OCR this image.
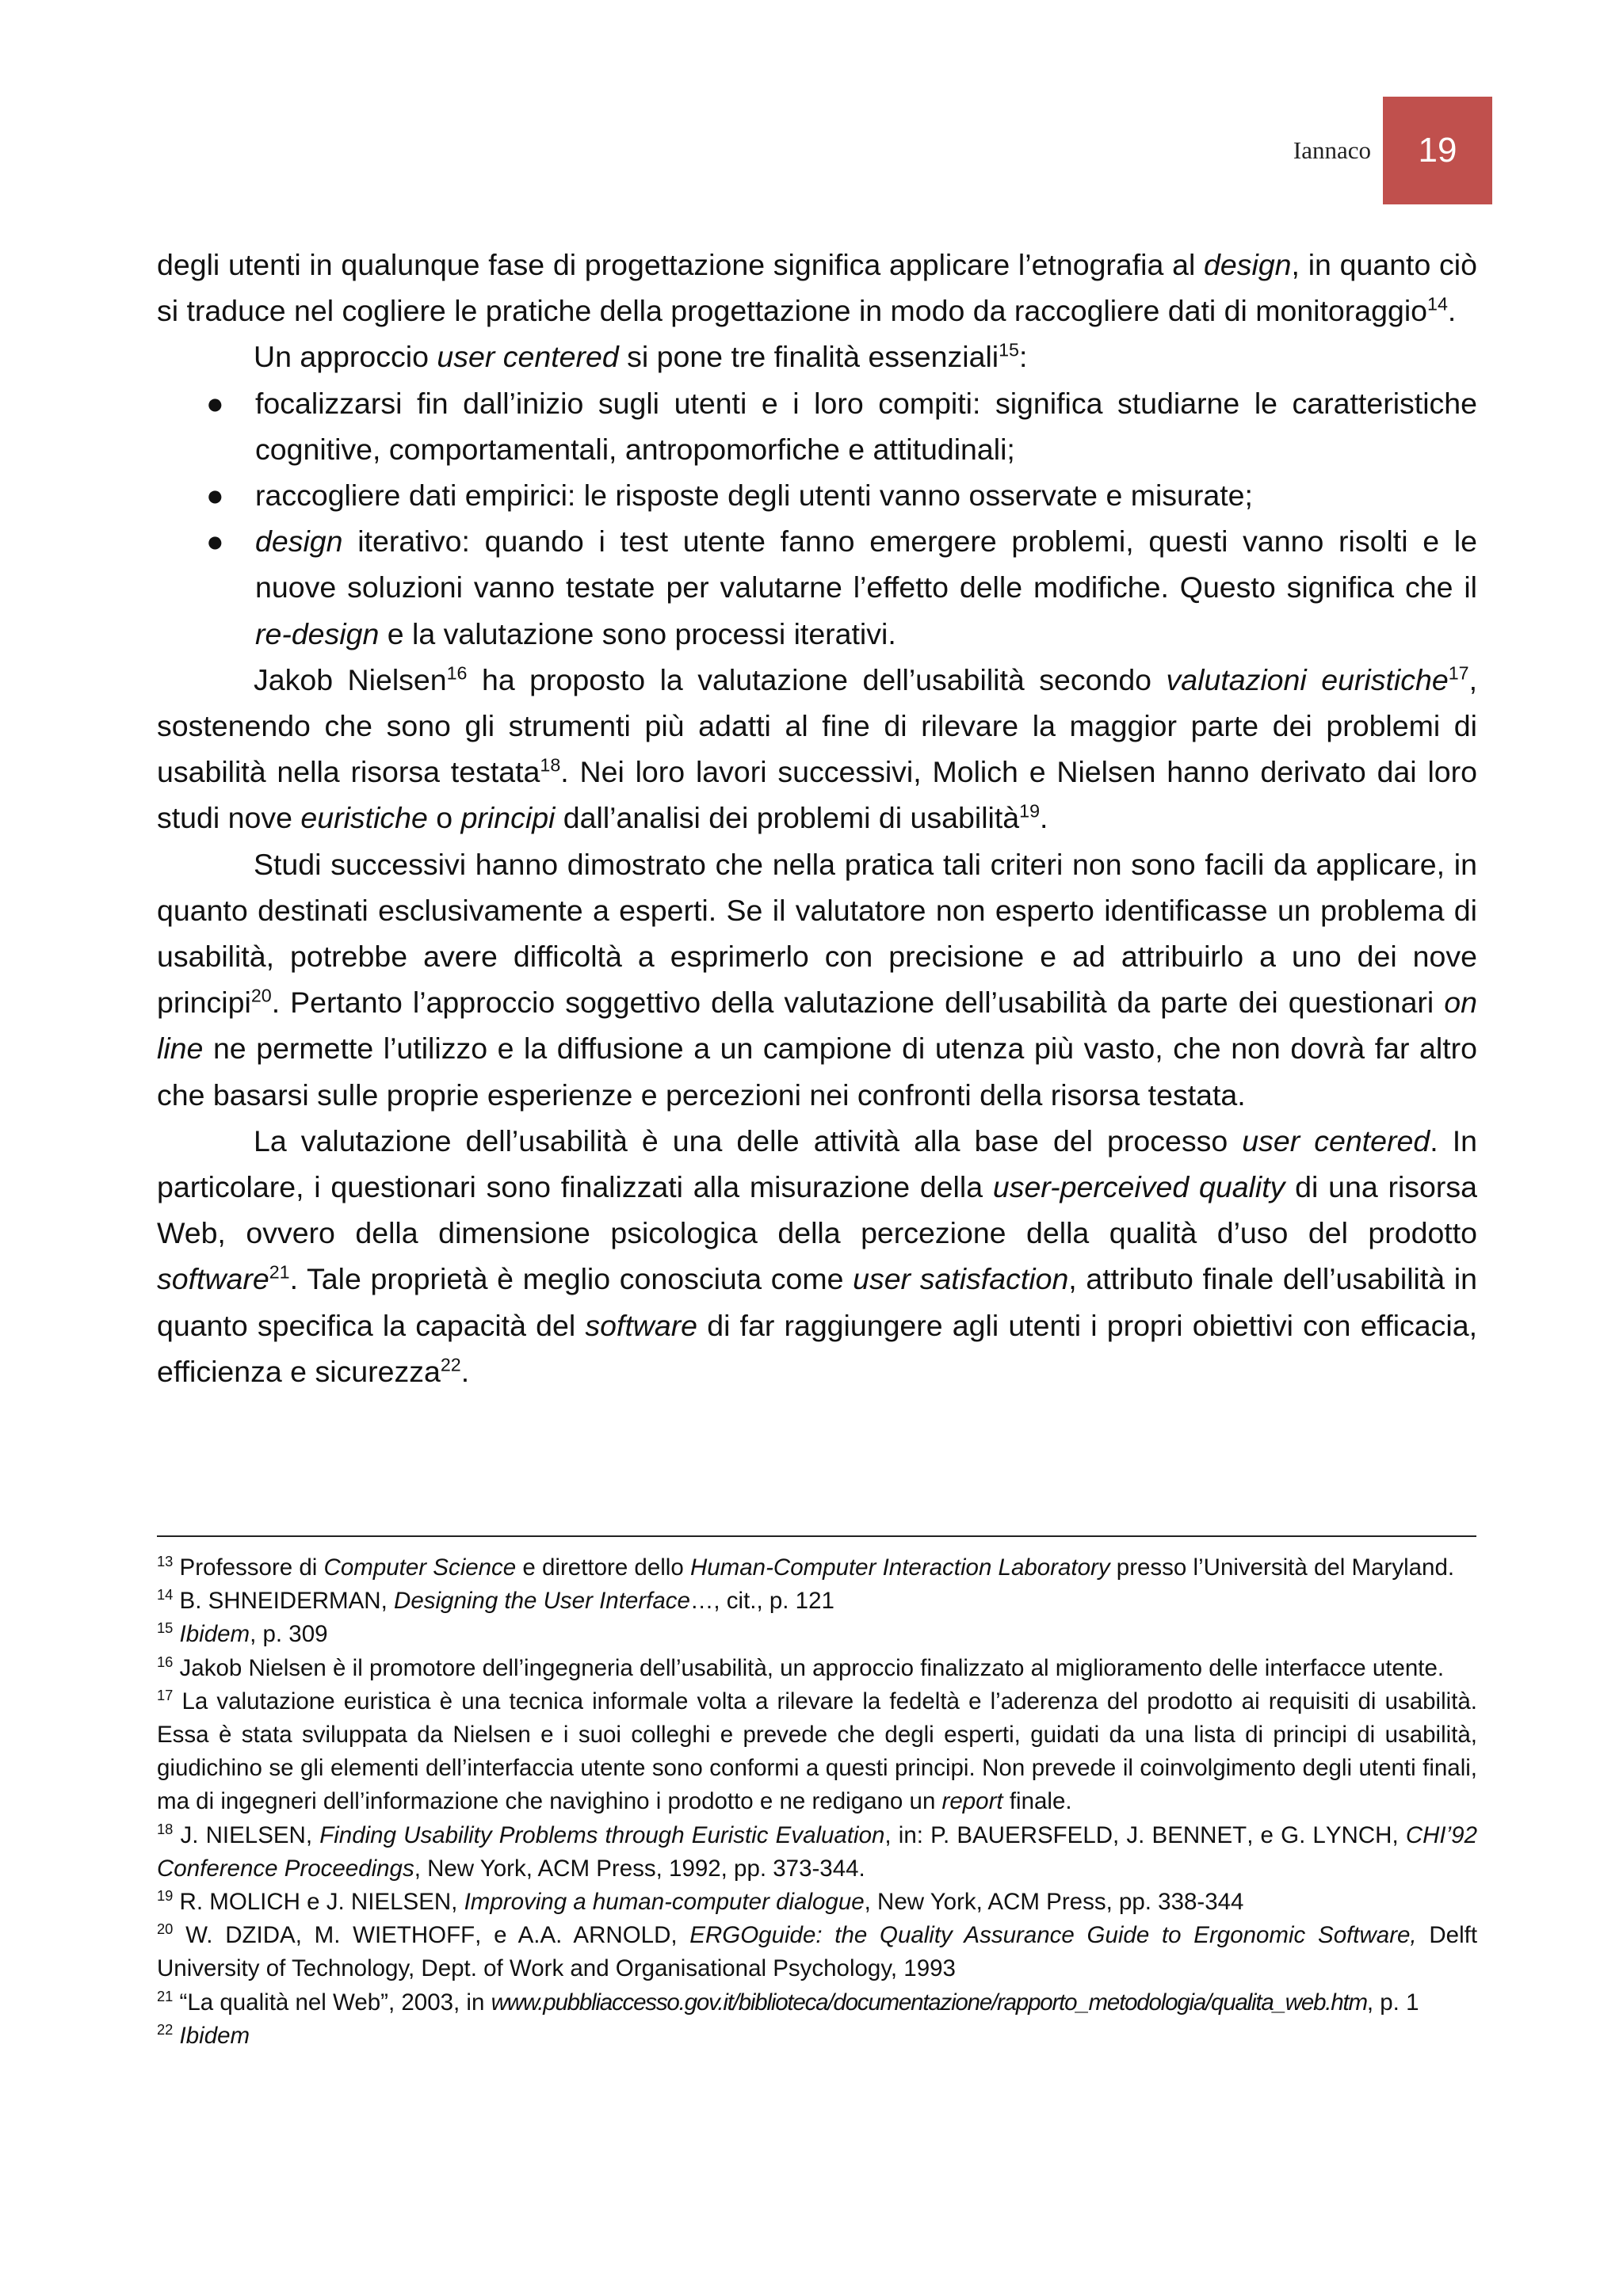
Iannaco 19

degli utenti in qualunque fase di progettazione significa applicare l’etnografia al design, in quanto ciò si traduce nel cogliere le pratiche della progettazione in modo da raccogliere dati di monitoraggio$^{14}$.

Un approccio user centered si pone tre finalità essenziali$^{15}$:

● focalizzarsi fin dall’inizio sugli utenti e i loro compiti: significa studiarne le caratteristiche cognitive, comportamentali, antropomorfiche e attitudinali;
● raccogliere dati empirici: le risposte degli utenti vanno osservate e misurate;
● design iterativo: quando i test utente fanno emergere problemi, questi vanno risolti e le nuove soluzioni vanno testate per valutarne l’effetto delle modifiche. Questo significa che il re-design e la valutazione sono processi iterativi.

Jakob Nielsen$^{16}$ ha proposto la valutazione dell’usabilità secondo valutazioni euristiche$^{17}$, sostenendo che sono gli strumenti più adatti al fine di rilevare la maggior parte dei problemi di usabilità nella risorsa testata$^{18}$. Nei loro lavori successivi, Molich e Nielsen hanno derivato dai loro studi nove euristiche o principi dall’analisi dei problemi di usabilità$^{19}$.

Studi successivi hanno dimostrato che nella pratica tali criteri non sono facili da applicare, in quanto destinati esclusivamente a esperti. Se il valutatore non esperto identificasse un problema di usabilità, potrebbe avere difficoltà a esprimerlo con precisione e ad attribuirlo a uno dei nove principi$^{20}$. Pertanto l’approccio soggettivo della valutazione dell’usabilità da parte dei questionari on line ne permette l’utilizzo e la diffusione a un campione di utenza più vasto, che non dovrà far altro che basarsi sulle proprie esperienze e percezioni nei confronti della risorsa testata.

La valutazione dell’usabilità è una delle attività alla base del processo user centered. In particolare, i questionari sono finalizzati alla misurazione della user-perceived quality di una risorsa Web, ovvero della dimensione psicologica della percezione della qualità d’uso del prodotto software$^{21}$. Tale proprietà è meglio conosciuta come user satisfaction, attributo finale dell’usabilità in quanto specifica la capacità del software di far raggiungere agli utenti i propri obiettivi con efficacia, efficienza e sicurezza$^{22}$.

$^{13}$ Professore di Computer Science e direttore dello Human-Computer Interaction Laboratory presso l’Università del Maryland.

$^{14}$ B. SHNEIDERMAN, Designing the User Interface…, cit., p. 121

$^{15}$ Ibidem, p. 309

$^{16}$ Jakob Nielsen è il promotore dell’ingegneria dell’usabilità, un approccio finalizzato al miglioramento delle interfacce utente.

$^{17}$ La valutazione euristica è una tecnica informale volta a rilevare la fedeltà e l’aderenza del prodotto ai requisiti di usabilità. Essa è stata sviluppata da Nielsen e i suoi colleghi e prevede che degli esperti, guidati da una lista di principi di usabilità, giudichino se gli elementi dell’interfaccia utente sono conformi a questi principi. Non prevede il coinvolgimento degli utenti finali, ma di ingegneri dell’informazione che navighino i prodotto e ne redigano un report finale.

$^{18}$ J. NIELSEN, Finding Usability Problems through Euristic Evaluation, in: P. BAUERSFELD, J. BENNET, e G. LYNCH, CHI’92 Conference Proceedings, New York, ACM Press, 1992, pp. 373-344.

$^{19}$ R. MOLICH e J. NIELSEN, Improving a human-computer dialogue, New York, ACM Press, pp. 338-344

$^{20}$ W. DZIDA, M. WIETHOFF, e A.A. ARNOLD, ERGOguide: the Quality Assurance Guide to Ergonomic Software, Delft University of Technology, Dept. of Work and Organisational Psychology, 1993

$^{21}$ “La qualità nel Web”, 2003, in www.pubbliaccesso.gov.it/biblioteca/documentazione/rapporto_metodologia/qualita_web.htm, p. 1

$^{22}$ Ibidem
